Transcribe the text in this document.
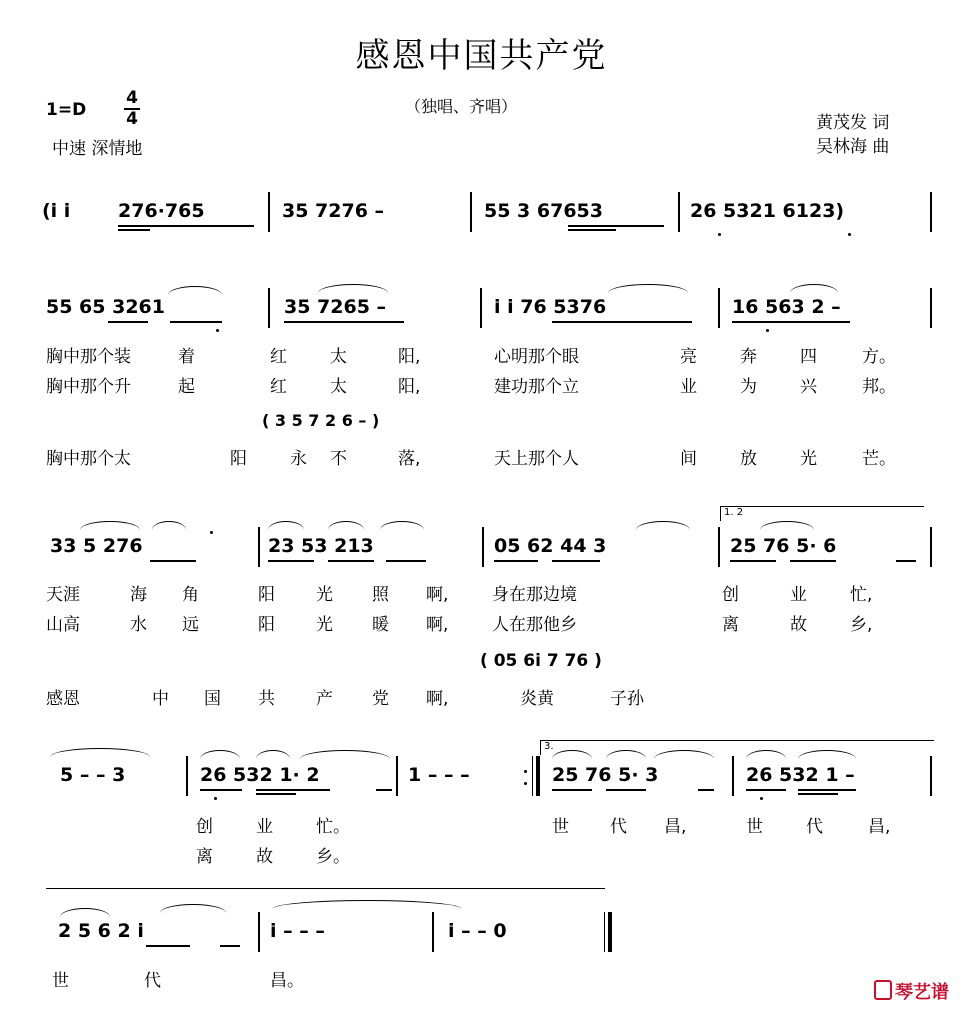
感恩中国共产党
（独唱、齐唱）
1=D
4
4
中速 深情地
黄茂发 词
吴林海 曲
(i i	276·765	35 7276 –	55 3 67653	26 5321 6123)
55 65 3261	35 7265 –	i i 76 5376	16 563 2 –
胸中那个装	着	红	太	阳,	心明那个眼	亮	奔	四	方。
胸中那个升	起	红	太	阳,	建功那个立	业	为	兴	邦。
( 3 5 7 2 6 – )
胸中那个太	阳	永 不	落,	天上那个人	间	放	光	芒。
1. 2
33 5 276	23 53 213	05 62 44 3	25 76 5· 6
天涯	海 角	阳 光 照 啊,	身在那边境	创	业	忙,
山高	水 远	阳 光 暖 啊,	人在那他乡	离	故	乡,
( 05 6i 7 76 )
感恩	中 国 共 产 党 啊,	炎黄	子孙
3.
5 – – 3	26 532 1· 2	1 – – –	25 76 5· 3	26 532 1 –
创	业	忙。	世 代 昌,	世	代	昌,
离	故	乡。
2 5 6 2 i	i – – –	i – – 0
世	代	昌。
琴艺谱
